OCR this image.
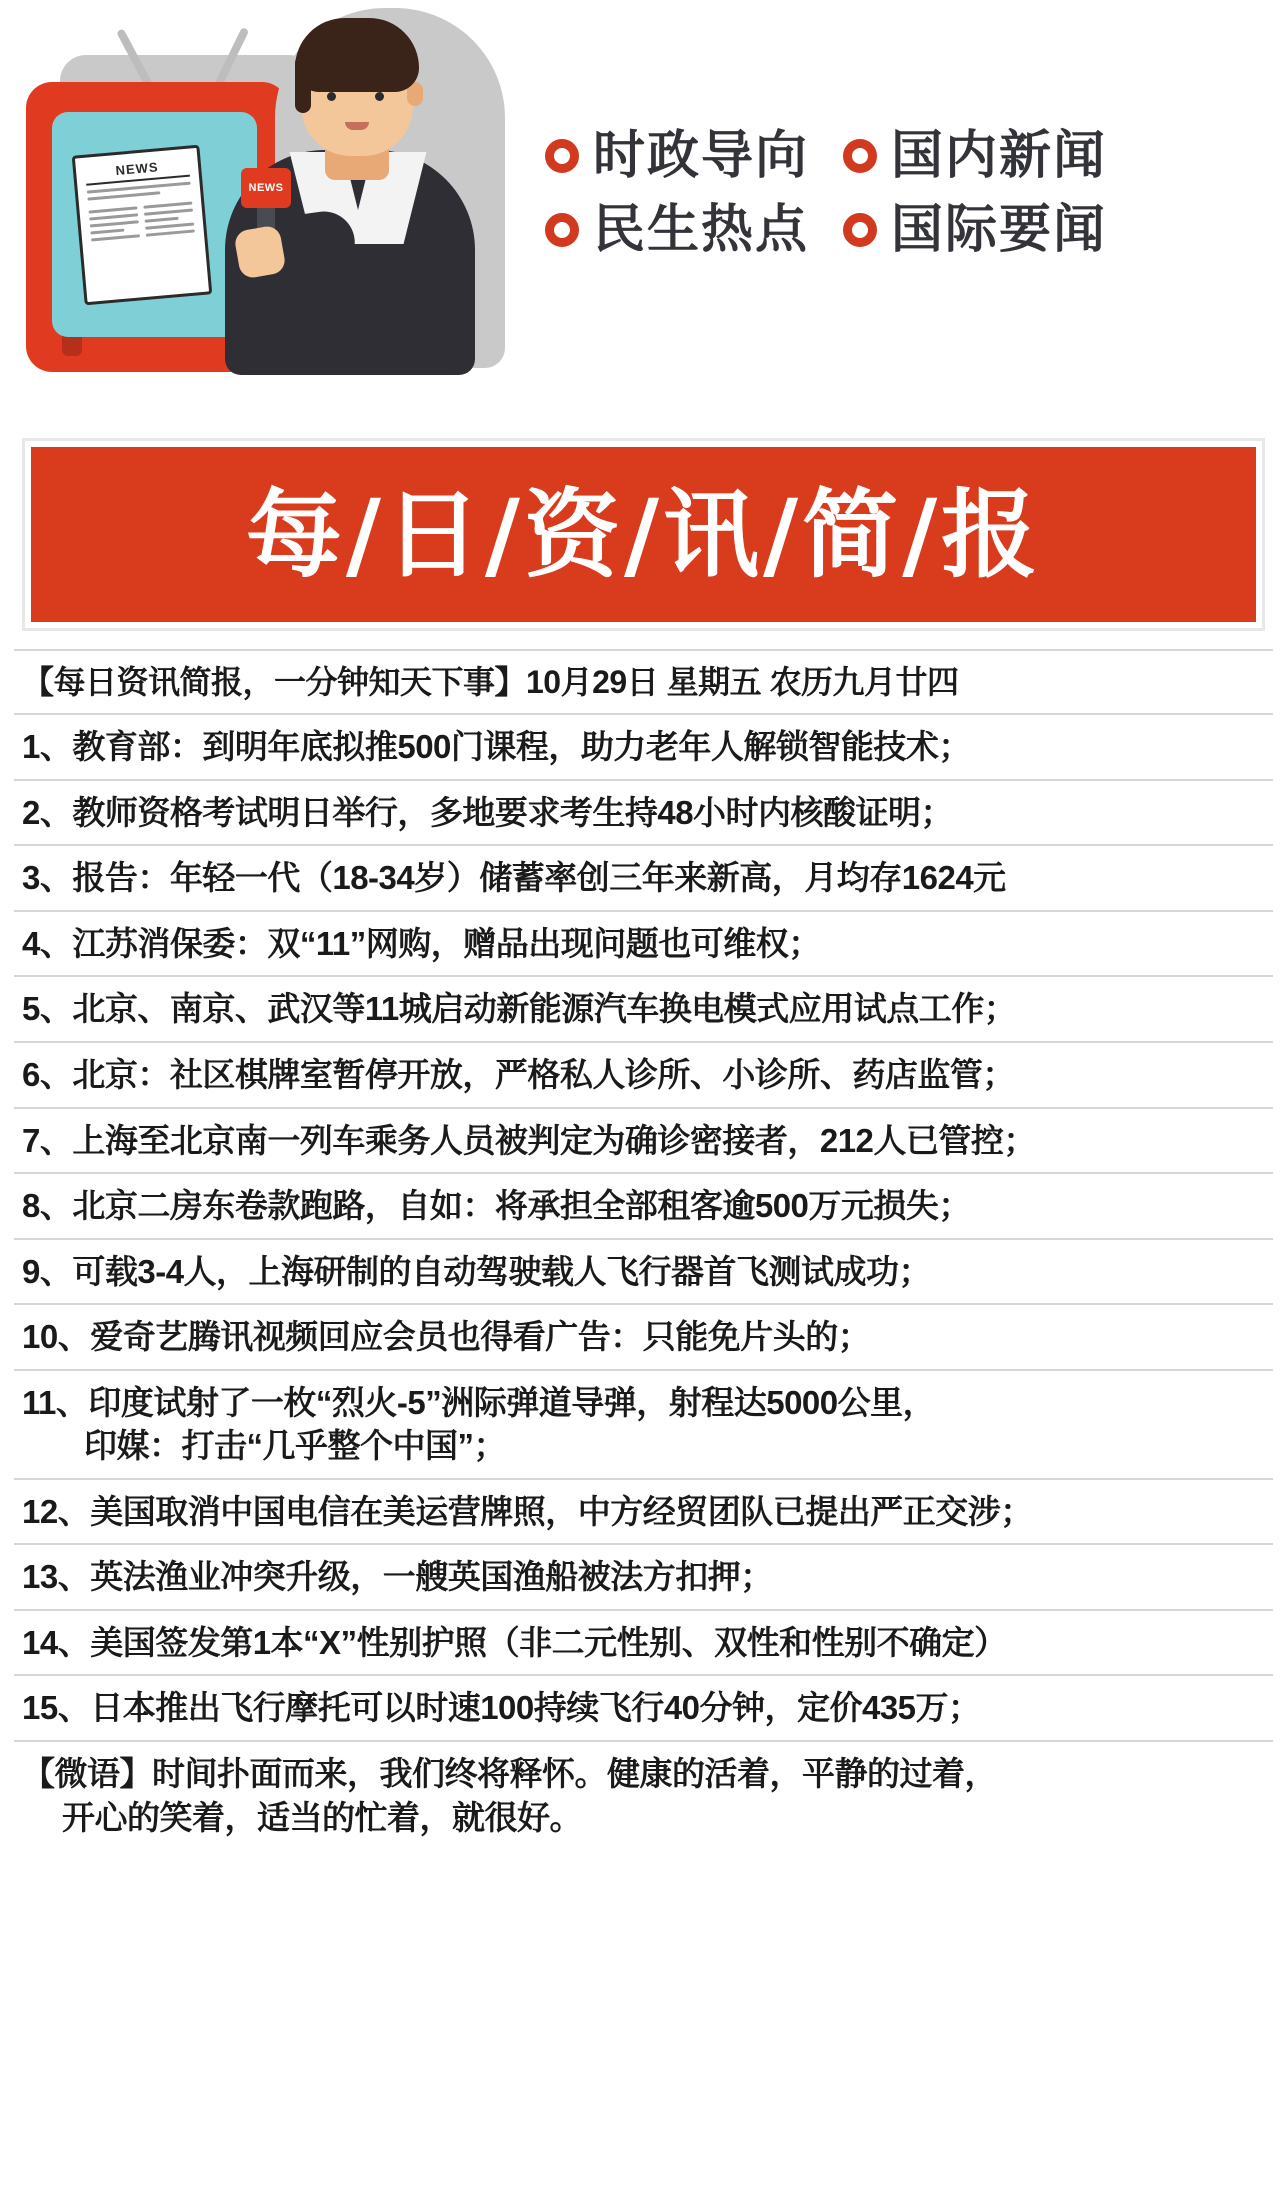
NEWS
NEWS
时政导向 国内新闻
民生热点 国际要闻
每/日/资/讯/简/报
【每日资讯简报，一分钟知天下事】10月29日 星期五 农历九月廿四
1、教育部：到明年底拟推500门课程，助力老年人解锁智能技术；
2、教师资格考试明日举行，多地要求考生持48小时内核酸证明；
3、报告：年轻一代（18-34岁）储蓄率创三年来新高，月均存1624元
4、江苏消保委：双“11”网购，赠品出现问题也可维权；
5、北京、南京、武汉等11城启动新能源汽车换电模式应用试点工作；
6、北京：社区棋牌室暂停开放，严格私人诊所、小诊所、药店监管；
7、上海至北京南一列车乘务人员被判定为确诊密接者，212人已管控；
8、北京二房东卷款跑路，自如：将承担全部租客逾500万元损失；
9、可载3-4人，上海研制的自动驾驶载人飞行器首飞测试成功；
10、爱奇艺腾讯视频回应会员也得看广告：只能免片头的；
11、印度试射了一枚“烈火-5”洲际弹道导弹，射程达5000公里，
印媒：打击“几乎整个中国”；
12、美国取消中国电信在美运营牌照，中方经贸团队已提出严正交涉；
13、英法渔业冲突升级，一艘英国渔船被法方扣押；
14、美国签发第1本“X”性别护照（非二元性别、双性和性别不确定）
15、日本推出飞行摩托可以时速100持续飞行40分钟，定价435万；
【微语】时间扑面而来，我们终将释怀。健康的活着，平静的过着，
开心的笑着，适当的忙着，就很好。
